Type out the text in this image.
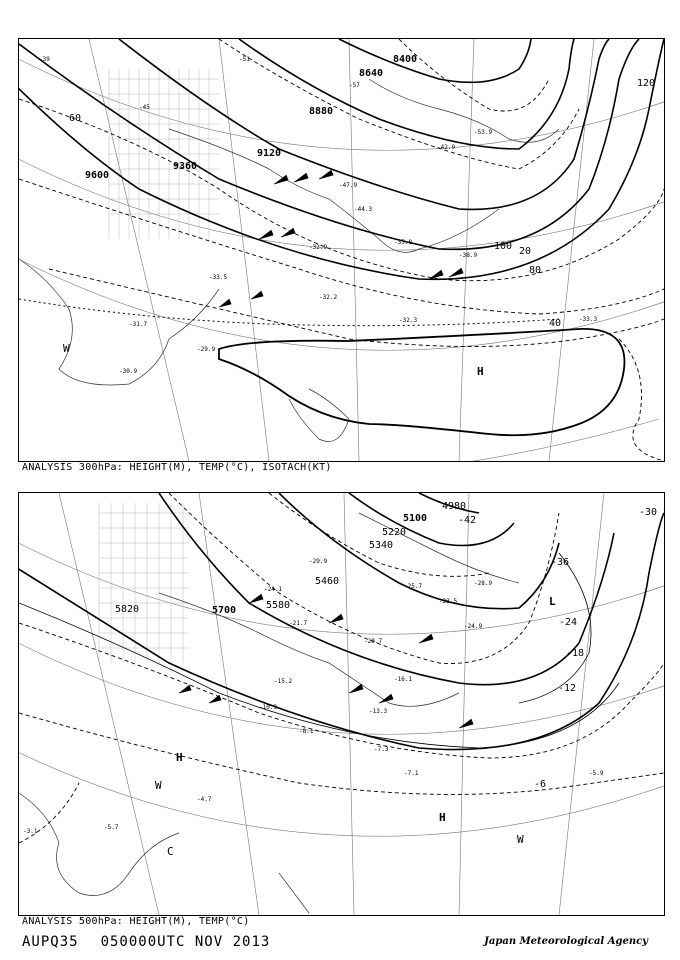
9600
9360
9120
8880
8640
8400
20
40
60
80
100
120
-39
-45
-51
-57
-53.9
-42.9
-47.9
-44.3
-38.9
-35.8
-32.9
-32.2
-33.5
-31.7
-29.9
-30.9
-32.3	-33.3
H
W
ANALYSIS 300hPa: HEIGHT(M), TEMP(°C), ISOTACH(KT)
5820	5700	5580
5460
5340
5220
5100
4980
-42
-36
-30
-24
-18
-12
-6
-29.9
-24.1
-21.7
-20.7
-25.7
-23.5
-24.9
-28.9
-15.2	-16.1
-13.3
-10.3
-8.1
-7.3
-7.1	-5.9
-4.7
-5.7
-3.1
L
H
H
W
W
C
ANALYSIS 500hPa: HEIGHT(M), TEMP(°C)
AUPQ35 050000UTC NOV 2013	Japan Meteorological Agency
